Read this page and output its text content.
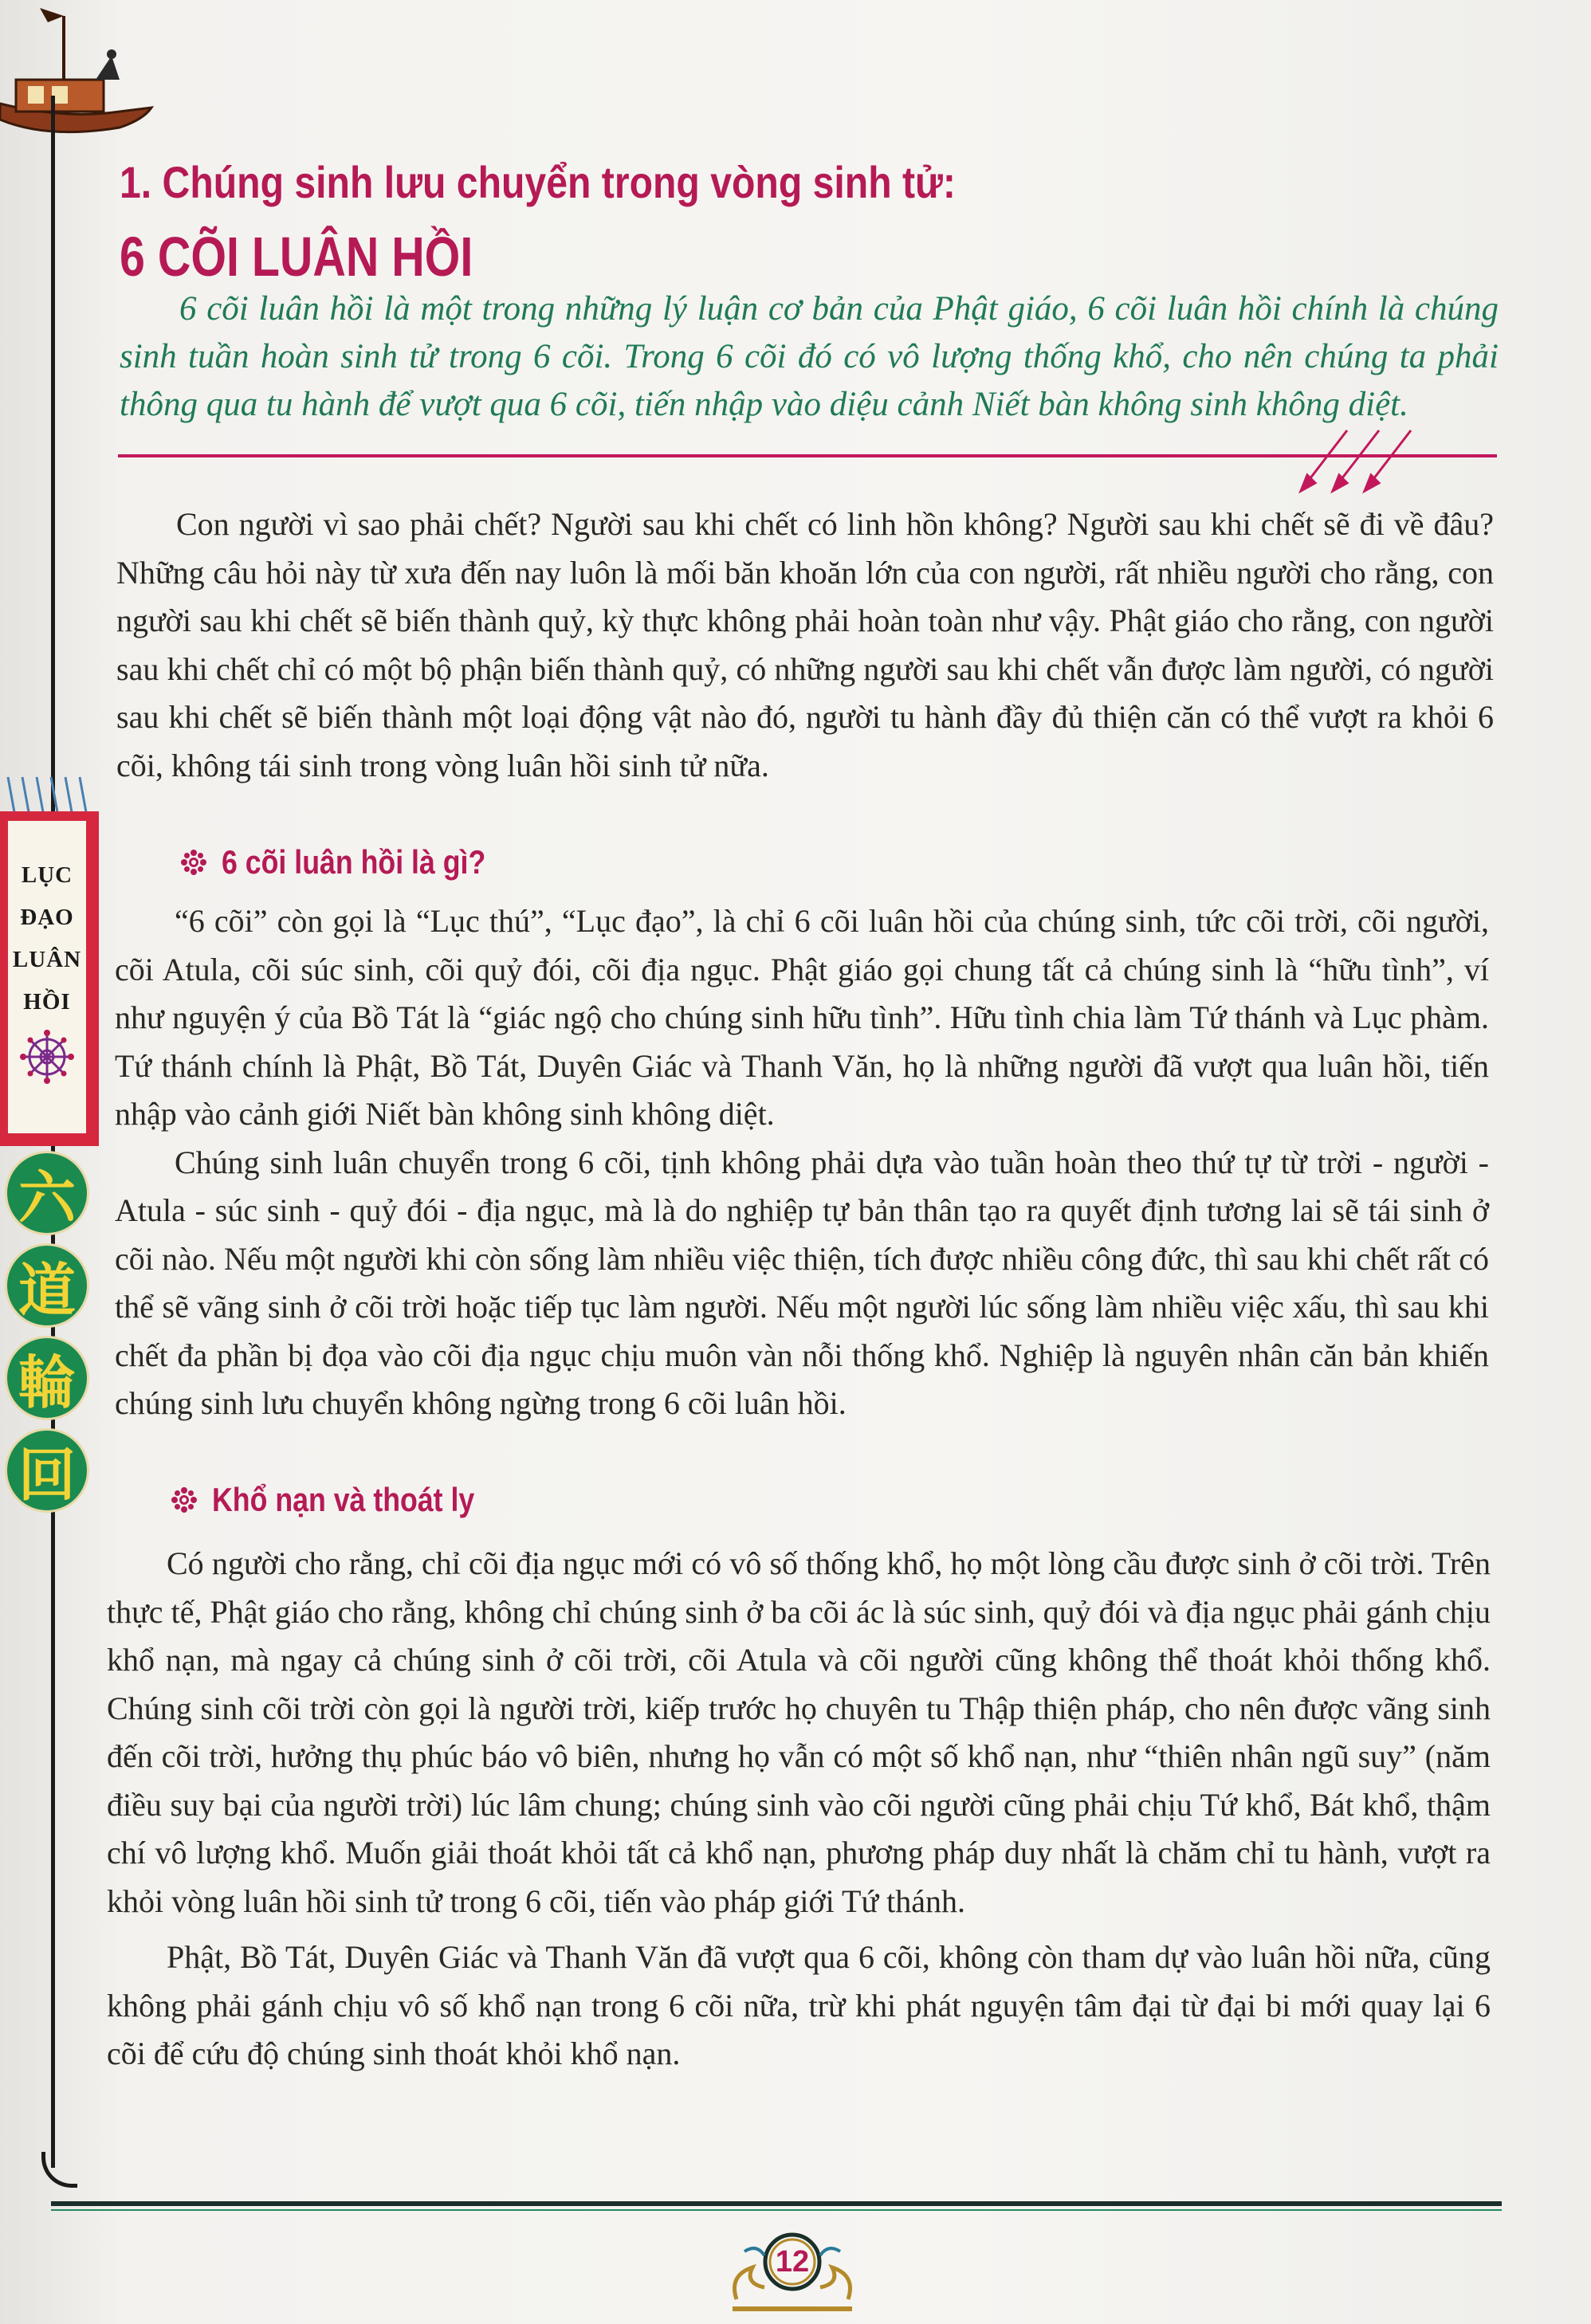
1. Chúng sinh lưu chuyển trong vòng sinh tử:
6 CÕI LUÂN HỒI
6 cõi luân hồi là một trong những lý luận cơ bản của Phật giáo, 6 cõi luân hồi chính là chúng sinh tuần hoàn sinh tử trong 6 cõi. Trong 6 cõi đó có vô lượng thống khổ, cho nên chúng ta phải thông qua tu hành để vượt qua 6 cõi, tiến nhập vào diệu cảnh Niết bàn không sinh không diệt.

Con người vì sao phải chết? Người sau khi chết có linh hồn không? Người sau khi chết sẽ đi về đâu? Những câu hỏi này từ xưa đến nay luôn là mối băn khoăn lớn của con người, rất nhiều người cho rằng, con người sau khi chết sẽ biến thành quỷ, kỳ thực không phải hoàn toàn như vậy. Phật giáo cho rằng, con người sau khi chết chỉ có một bộ phận biến thành quỷ, có những người sau khi chết vẫn được làm người, có người sau khi chết sẽ biến thành một loại động vật nào đó, người tu hành đầy đủ thiện căn có thể vượt ra khỏi 6 cõi, không tái sinh trong vòng luân hồi sinh tử nữa.

6 cõi luân hồi là gì?

“6 cõi” còn gọi là “Lục thú”, “Lục đạo”, là chỉ 6 cõi luân hồi của chúng sinh, tức cõi trời, cõi người, cõi Atula, cõi súc sinh, cõi quỷ đói, cõi địa ngục. Phật giáo gọi chung tất cả chúng sinh là “hữu tình”, ví như nguyện ý của Bồ Tát là “giác ngộ cho chúng sinh hữu tình”. Hữu tình chia làm Tứ thánh và Lục phàm. Tứ thánh chính là Phật, Bồ Tát, Duyên Giác và Thanh Văn, họ là những người đã vượt qua luân hồi, tiến nhập vào cảnh giới Niết bàn không sinh không diệt.

Chúng sinh luân chuyển trong 6 cõi, tịnh không phải dựa vào tuần hoàn theo thứ tự từ trời - người - Atula - súc sinh - quỷ đói - địa ngục, mà là do nghiệp tự bản thân tạo ra quyết định tương lai sẽ tái sinh ở cõi nào. Nếu một người khi còn sống làm nhiều việc thiện, tích được nhiều công đức, thì sau khi chết rất có thể sẽ vãng sinh ở cõi trời hoặc tiếp tục làm người. Nếu một người lúc sống làm nhiều việc xấu, thì sau khi chết đa phần bị đọa vào cõi địa ngục chịu muôn vàn nỗi thống khổ. Nghiệp là nguyên nhân căn bản khiến chúng sinh lưu chuyển không ngừng trong 6 cõi luân hồi.

Khổ nạn và thoát ly

Có người cho rằng, chỉ cõi địa ngục mới có vô số thống khổ, họ một lòng cầu được sinh ở cõi trời. Trên thực tế, Phật giáo cho rằng, không chỉ chúng sinh ở ba cõi ác là súc sinh, quỷ đói và địa ngục phải gánh chịu khổ nạn, mà ngay cả chúng sinh ở cõi trời, cõi Atula và cõi người cũng không thể thoát khỏi thống khổ. Chúng sinh cõi trời còn gọi là người trời, kiếp trước họ chuyên tu Thập thiện pháp, cho nên được vãng sinh đến cõi trời, hưởng thụ phúc báo vô biên, nhưng họ vẫn có một số khổ nạn, như “thiên nhân ngũ suy” (năm điều suy bại của người trời) lúc lâm chung; chúng sinh vào cõi người cũng phải chịu Tứ khổ, Bát khổ, thậm chí vô lượng khổ. Muốn giải thoát khỏi tất cả khổ nạn, phương pháp duy nhất là chăm chỉ tu hành, vượt ra khỏi vòng luân hồi sinh tử trong 6 cõi, tiến vào pháp giới Tứ thánh.

Phật, Bồ Tát, Duyên Giác và Thanh Văn đã vượt qua 6 cõi, không còn tham dự vào luân hồi nữa, cũng không phải gánh chịu vô số khổ nạn trong 6 cõi nữa, trừ khi phát nguyện tâm đại từ đại bi mới quay lại 6 cõi để cứu độ chúng sinh thoát khỏi khổ nạn.

LỤC
ĐẠO
LUÂN
HỒI
六
道
輪
回
12
